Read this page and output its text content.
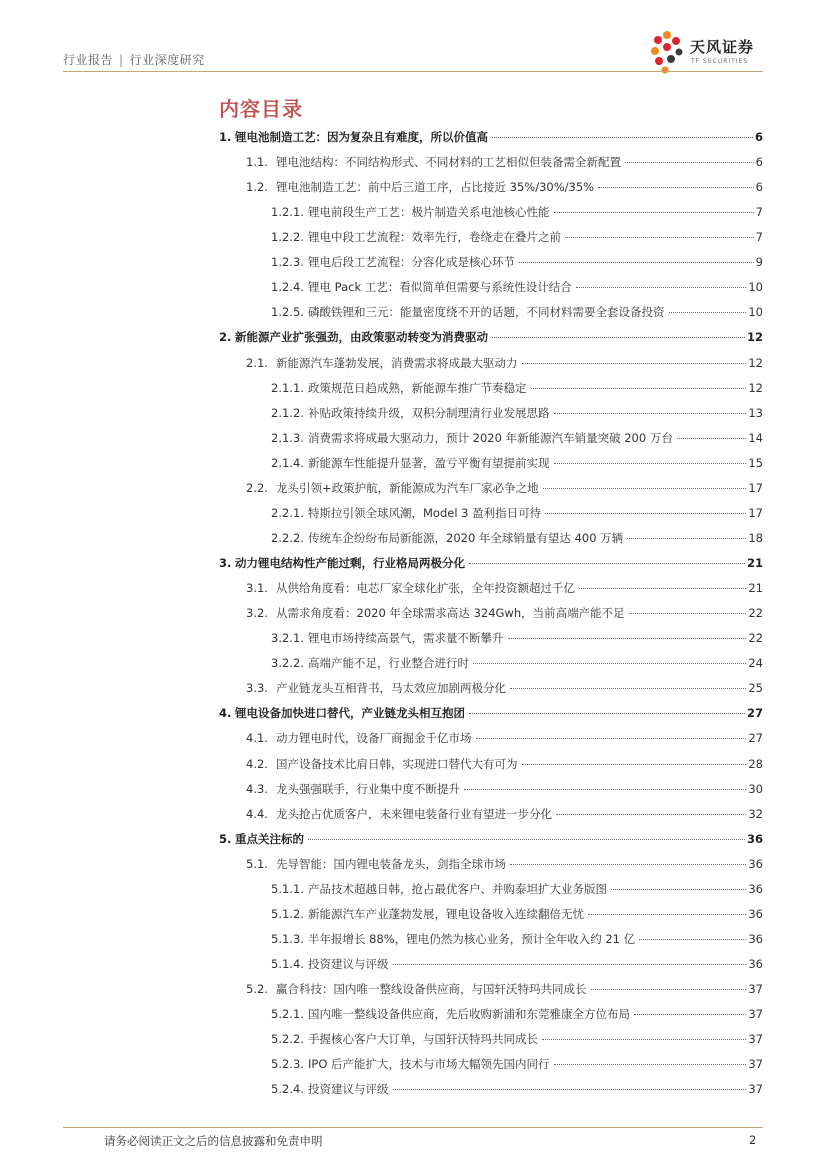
行业报告 | 行业深度研究
天风证券
TF SECURITIES
内容目录
1. 锂电池制造工艺：因为复杂且有难度，所以价值高	6
1.1. 锂电池结构：不同结构形式、不同材料的工艺相似但装备需全新配置	6
1.2. 锂电池制造工艺：前中后三道工序，占比接近 35%/30%/35%	6
1.2.1. 锂电前段生产工艺：极片制造关系电池核心性能	7
1.2.2. 锂电中段工艺流程：效率先行，卷绕走在叠片之前	7
1.2.3. 锂电后段工艺流程：分容化成是核心环节	9
1.2.4. 锂电 Pack 工艺：看似简单但需要与系统性设计结合	10
1.2.5. 磷酸铁锂和三元：能量密度绕不开的话题，不同材料需要全套设备投资	10
2. 新能源产业扩张强劲，由政策驱动转变为消费驱动	12
2.1. 新能源汽车蓬勃发展，消费需求将成最大驱动力	12
2.1.1. 政策规范日趋成熟，新能源车推广节奏稳定	12
2.1.2. 补贴政策持续升级，双积分制理清行业发展思路	13
2.1.3. 消费需求将成最大驱动力，预计 2020 年新能源汽车销量突破 200 万台	14
2.1.4. 新能源车性能提升显著，盈亏平衡有望提前实现	15
2.2. 龙头引领+政策护航，新能源成为汽车厂家必争之地	17
2.2.1. 特斯拉引领全球风潮，Model 3 盈利指日可待	17
2.2.2. 传统车企纷纷布局新能源，2020 年全球销量有望达 400 万辆	18
3. 动力锂电结构性产能过剩，行业格局两极分化	21
3.1. 从供给角度看：电芯厂家全球化扩张，全年投资额超过千亿	21
3.2. 从需求角度看：2020 年全球需求高达 324Gwh，当前高端产能不足	22
3.2.1. 锂电市场持续高景气，需求量不断攀升	22
3.2.2. 高端产能不足，行业整合进行时	24
3.3. 产业链龙头互相背书，马太效应加剧两极分化	25
4. 锂电设备加快进口替代，产业链龙头相互抱团	27
4.1. 动力锂电时代，设备厂商掘金千亿市场	27
4.2. 国产设备技术比肩日韩，实现进口替代大有可为	28
4.3. 龙头强强联手，行业集中度不断提升	30
4.4. 龙头抢占优质客户，未来锂电装备行业有望进一步分化	32
5. 重点关注标的	36
5.1. 先导智能：国内锂电装备龙头，剑指全球市场	36
5.1.1. 产品技术超越日韩，抢占最优客户、并购泰坦扩大业务版图	36
5.1.2. 新能源汽车产业蓬勃发展，锂电设备收入连续翻倍无忧	36
5.1.3. 半年报增长 88%，锂电仍然为核心业务，预计全年收入约 21 亿	36
5.1.4. 投资建议与评级	36
5.2. 赢合科技：国内唯一整线设备供应商，与国轩沃特玛共同成长	37
5.2.1. 国内唯一整线设备供应商，先后收购新浦和东莞雅康全方位布局	37
5.2.2. 手握核心客户大订单，与国轩沃特玛共同成长	37
5.2.3. IPO 后产能扩大，技术与市场大幅领先国内同行	37
5.2.4. 投资建议与评级	37
请务必阅读正文之后的信息披露和免责申明	2
